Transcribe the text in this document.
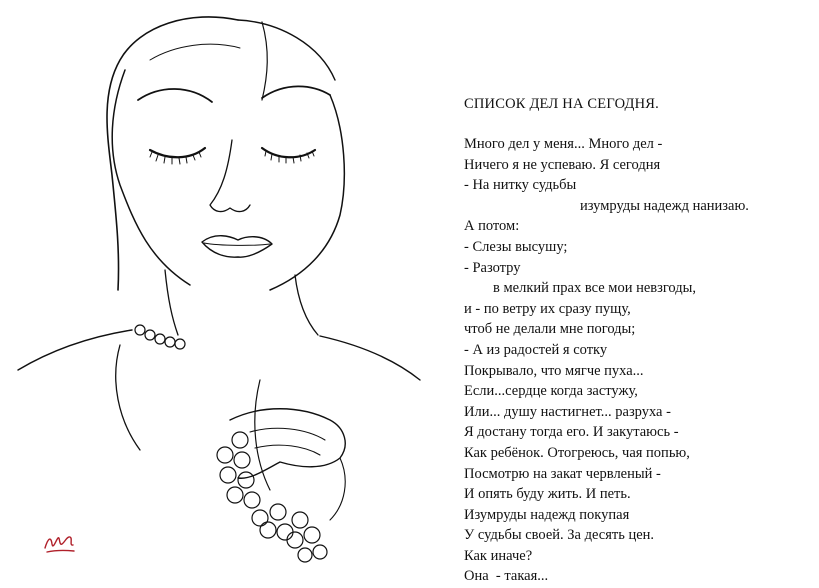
СПИСОК ДЕЛ НА СЕГОДНЯ.
Много дел у меня... Много дел -
Ничего я не успеваю. Я сегодня
- На нитку судьбы
изумруды надежд нанизаю.
А потом:
- Слезы высушу;
- Разотру
в мелкий прах все мои невзгоды,
и - по ветру их сразу пущу,
чтоб не делали мне погоды;
- А из радостей я сотку
Покрывало, что мягче пуха...
Если...сердце когда застужу,
Или... душу настигнет... разруха -
Я достану тогда его. И закутаюсь -
Как ребёнок. Отогреюсь, чая попью,
Посмотрю на закат червленый -
И опять буду жить. И петь.
Изумруды надежд покупая
У судьбы своей. За десять цен.
Как иначе?
Она  - такая...
